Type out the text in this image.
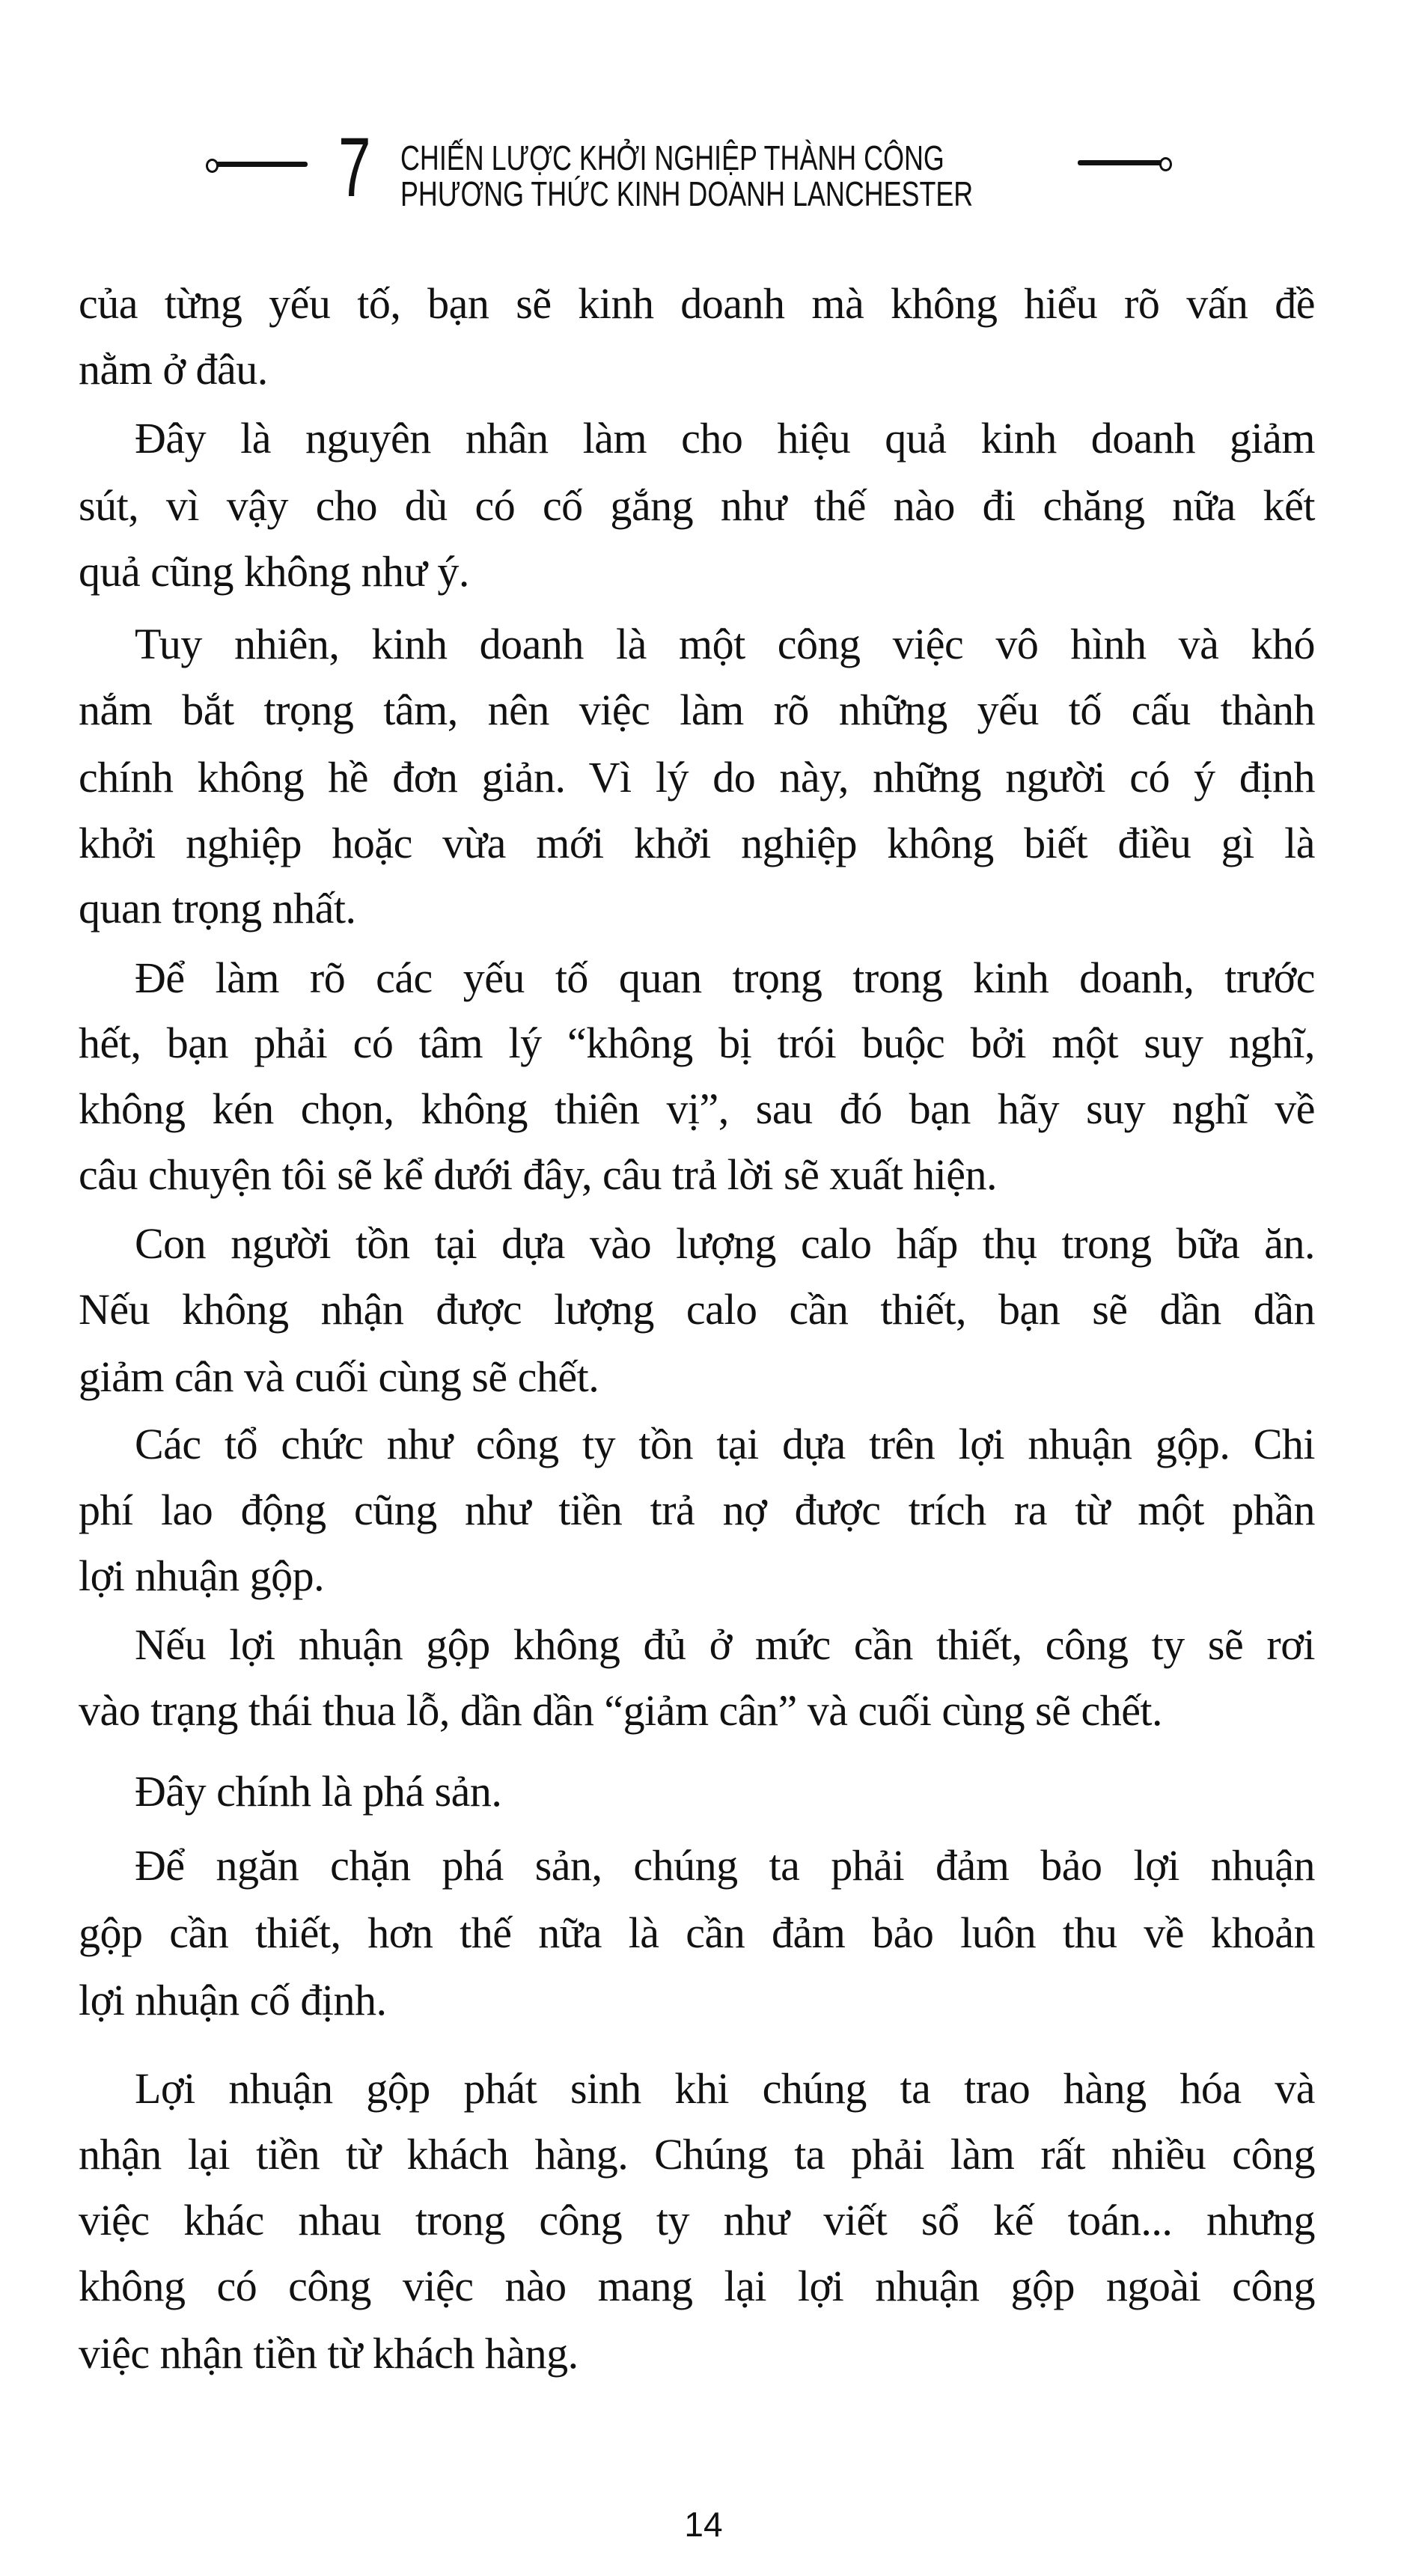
7 CHIẾN LƯỢC KHỞI NGHIỆP THÀNH CÔNG
PHƯƠNG THỨC KINH DOANH LANCHESTER
của từng yếu tố, bạn sẽ kinh doanh mà không hiểu rõ vấn đề
nằm ở đâu.
Đây là nguyên nhân làm cho hiệu quả kinh doanh giảm
sút, vì vậy cho dù có cố gắng như thế nào đi chăng nữa kết
quả cũng không như ý.
Tuy nhiên, kinh doanh là một công việc vô hình và khó
nắm bắt trọng tâm, nên việc làm rõ những yếu tố cấu thành
chính không hề đơn giản. Vì lý do này, những người có ý định
khởi nghiệp hoặc vừa mới khởi nghiệp không biết điều gì là
quan trọng nhất.
Để làm rõ các yếu tố quan trọng trong kinh doanh, trước
hết, bạn phải có tâm lý “không bị trói buộc bởi một suy nghĩ,
không kén chọn, không thiên vị”, sau đó bạn hãy suy nghĩ về
câu chuyện tôi sẽ kể dưới đây, câu trả lời sẽ xuất hiện.
Con người tồn tại dựa vào lượng calo hấp thụ trong bữa ăn.
Nếu không nhận được lượng calo cần thiết, bạn sẽ dần dần
giảm cân và cuối cùng sẽ chết.
Các tổ chức như công ty tồn tại dựa trên lợi nhuận gộp. Chi
phí lao động cũng như tiền trả nợ được trích ra từ một phần
lợi nhuận gộp.
Nếu lợi nhuận gộp không đủ ở mức cần thiết, công ty sẽ rơi
vào trạng thái thua lỗ, dần dần “giảm cân” và cuối cùng sẽ chết.
Đây chính là phá sản.
Để ngăn chặn phá sản, chúng ta phải đảm bảo lợi nhuận
gộp cần thiết, hơn thế nữa là cần đảm bảo luôn thu về khoản
lợi nhuận cố định.
Lợi nhuận gộp phát sinh khi chúng ta trao hàng hóa và
nhận lại tiền từ khách hàng. Chúng ta phải làm rất nhiều công
việc khác nhau trong công ty như viết sổ kế toán... nhưng
không có công việc nào mang lại lợi nhuận gộp ngoài công
việc nhận tiền từ khách hàng.
14
